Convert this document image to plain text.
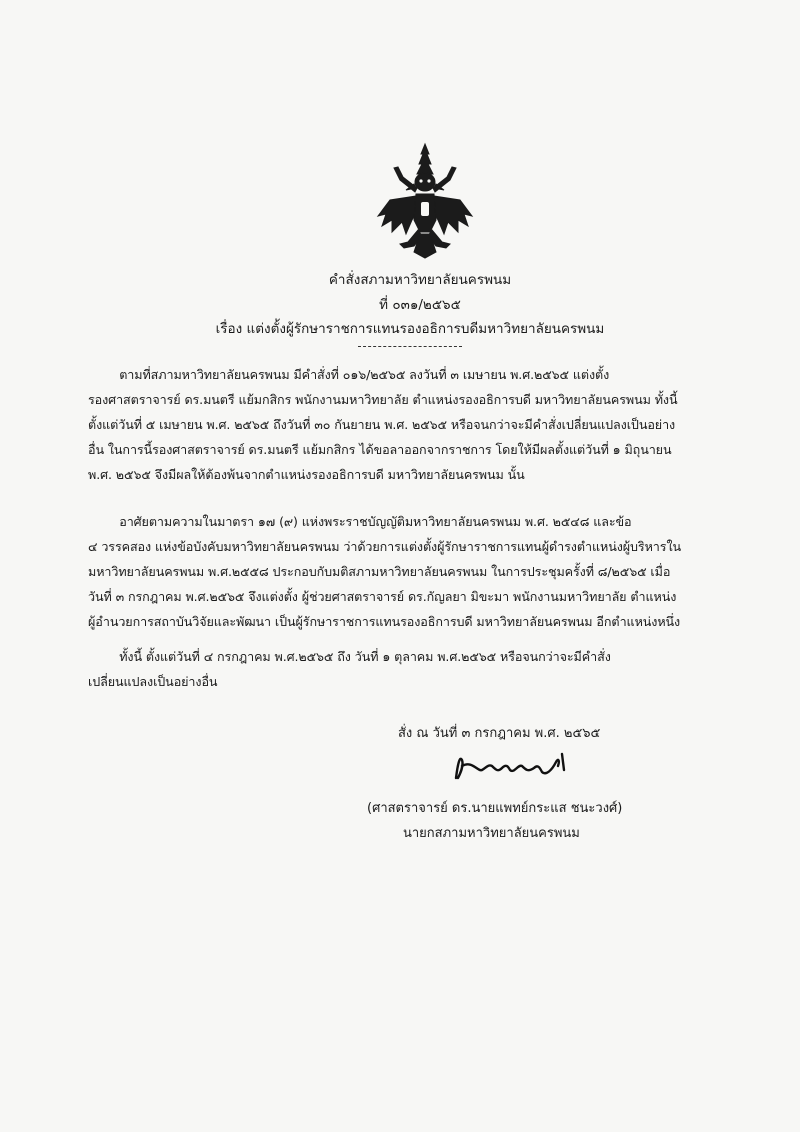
คำสั่งสภามหาวิทยาลัยนครพนม
ที่ ๐๓๑/๒๕๖๕
เรื่อง แต่งตั้งผู้รักษาราชการแทนรองอธิการบดีมหาวิทยาลัยนครพนม
ตามที่สภามหาวิทยาลัยนครพนม มีคำสั่งที่ ๐๑๖/๒๕๖๕ ลงวันที่ ๓ เมษายน พ.ศ.๒๕๖๕ แต่งตั้ง
รองศาสตราจารย์ ดร.มนตรี แย้มกสิกร พนักงานมหาวิทยาลัย ตำแหน่งรองอธิการบดี มหาวิทยาลัยนครพนม ทั้งนี้
ตั้งแต่วันที่ ๕ เมษายน พ.ศ. ๒๕๖๕ ถึงวันที่ ๓๐ กันยายน พ.ศ. ๒๕๖๕ หรือจนกว่าจะมีคำสั่งเปลี่ยนแปลงเป็นอย่าง
อื่น ในการนี้รองศาสตราจารย์ ดร.มนตรี แย้มกสิกร ได้ขอลาออกจากราชการ โดยให้มีผลตั้งแต่วันที่ ๑ มิถุนายน
พ.ศ. ๒๕๖๕ จึงมีผลให้ต้องพ้นจากตำแหน่งรองอธิการบดี มหาวิทยาลัยนครพนม นั้น
อาศัยตามความในมาตรา ๑๗ (๙) แห่งพระราชบัญญัติมหาวิทยาลัยนครพนม พ.ศ. ๒๕๔๘ และข้อ
๔ วรรคสอง แห่งข้อบังคับมหาวิทยาลัยนครพนม ว่าด้วยการแต่งตั้งผู้รักษาราชการแทนผู้ดำรงตำแหน่งผู้บริหารใน
มหาวิทยาลัยนครพนม พ.ศ.๒๕๕๘ ประกอบกับมติสภามหาวิทยาลัยนครพนม ในการประชุมครั้งที่ ๘/๒๕๖๕ เมื่อ
วันที่ ๓ กรกฎาคม พ.ศ.๒๕๖๕ จึงแต่งตั้ง ผู้ช่วยศาสตราจารย์ ดร.กัญลยา มิขะมา พนักงานมหาวิทยาลัย ตำแหน่ง
ผู้อำนวยการสถาบันวิจัยและพัฒนา เป็นผู้รักษาราชการแทนรองอธิการบดี มหาวิทยาลัยนครพนม อีกตำแหน่งหนึ่ง
ทั้งนี้ ตั้งแต่วันที่ ๔ กรกฎาคม พ.ศ.๒๕๖๕ ถึง วันที่ ๑ ตุลาคม พ.ศ.๒๕๖๕ หรือจนกว่าจะมีคำสั่ง
เปลี่ยนแปลงเป็นอย่างอื่น
สั่ง ณ วันที่ ๓ กรกฎาคม พ.ศ. ๒๕๖๕
(ศาสตราจารย์ ดร.นายแพทย์กระแส ชนะวงศ์)
นายกสภามหาวิทยาลัยนครพนม
